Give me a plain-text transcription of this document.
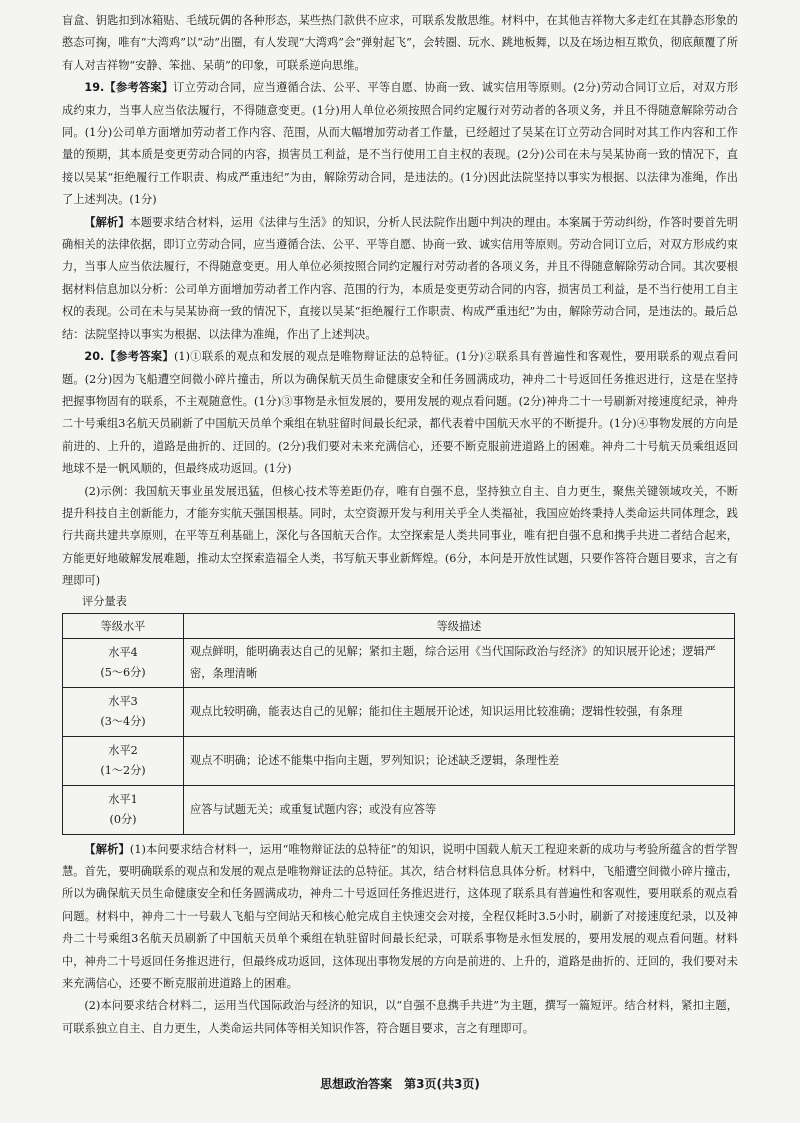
盲盒、钥匙扣到冰箱贴、毛绒玩偶的各种形态，某些热门款供不应求，可联系发散思维。材料中，在其他吉祥物大多走红在其静态形象的憨态可掬，唯有“大湾鸡”以“动”出圈，有人发现“大湾鸡”会“弹射起飞”，会转圈、玩水、跳地板舞，以及在场边相互欺负，彻底颠覆了所有人对吉祥物“安静、笨拙、呆萌”的印象，可联系逆向思维。

19.【参考答案】订立劳动合同，应当遵循合法、公平、平等自愿、协商一致、诚实信用等原则。(2分)劳动合同订立后，对双方形成约束力，当事人应当依法履行，不得随意变更。(1分)用人单位必须按照合同约定履行对劳动者的各项义务，并且不得随意解除劳动合同。(1分)公司单方面增加劳动者工作内容、范围，从而大幅增加劳动者工作量，已经超过了吴某在订立劳动合同时对其工作内容和工作量的预期，其本质是变更劳动合同的内容，损害员工利益，是不当行使用工自主权的表现。(2分)公司在未与吴某协商一致的情况下，直接以吴某“拒绝履行工作职责、构成严重违纪”为由，解除劳动合同，是违法的。(1分)因此法院坚持以事实为根据、以法律为准绳，作出了上述判决。(1分)

【解析】本题要求结合材料，运用《法律与生活》的知识，分析人民法院作出题中判决的理由。本案属于劳动纠纷，作答时要首先明确相关的法律依据，即订立劳动合同，应当遵循合法、公平、平等自愿、协商一致、诚实信用等原则。劳动合同订立后，对双方形成约束力，当事人应当依法履行，不得随意变更。用人单位必须按照合同约定履行对劳动者的各项义务，并且不得随意解除劳动合同。其次要根据材料信息加以分析：公司单方面增加劳动者工作内容、范围的行为，本质是变更劳动合同的内容，损害员工利益，是不当行使用工自主权的表现。公司在未与吴某协商一致的情况下，直接以吴某“拒绝履行工作职责、构成严重违纪”为由，解除劳动合同，是违法的。最后总结：法院坚持以事实为根据、以法律为准绳，作出了上述判决。

20.【参考答案】(1)①联系的观点和发展的观点是唯物辩证法的总特征。(1分)②联系具有普遍性和客观性，要用联系的观点看问题。(2分)因为飞船遭空间微小碎片撞击，所以为确保航天员生命健康安全和任务圆满成功，神舟二十号返回任务推迟进行，这是在坚持把握事物固有的联系，不主观随意性。(1分)③事物是永恒发展的，要用发展的观点看问题。(2分)神舟二十一号刷新对接速度纪录，神舟二十号乘组3名航天员刷新了中国航天员单个乘组在轨驻留时间最长纪录，都代表着中国航天水平的不断提升。(1分)④事物发展的方向是前进的、上升的，道路是曲折的、迂回的。(2分)我们要对未来充满信心，还要不断克服前进道路上的困难。神舟二十号航天员乘组返回地球不是一帆风顺的，但最终成功返回。(1分)

(2)示例：我国航天事业虽发展迅猛，但核心技术等差距仍存，唯有自强不息，坚持独立自主、自力更生，聚焦关键领域攻关，不断提升科技自主创新能力，才能夯实航天强国根基。同时，太空资源开发与利用关乎全人类福祉，我国应始终秉持人类命运共同体理念，践行共商共建共享原则，在平等互利基础上，深化与各国航天合作。太空探索是人类共同事业，唯有把自强不息和携手共进二者结合起来，方能更好地破解发展难题，推动太空探索造福全人类，书写航天事业新辉煌。(6分，本问是开放性试题，只要作答符合题目要求，言之有理即可)

评分量表

等级水平	等级描述

水平4
(5～6分)	观点鲜明，能明确表达自己的见解；紧扣主题，综合运用《当代国际政治与经济》的知识展开论述；逻辑严密，条理清晰

水平3
(3～4分)	观点比较明确，能表达自己的见解；能扣住主题展开论述，知识运用比较准确；逻辑性较强，有条理

水平2
(1～2分)	观点不明确；论述不能集中指向主题，罗列知识；论述缺乏逻辑，条理性差

水平1
(0分)	应答与试题无关；或重复试题内容；或没有应答等

【解析】(1)本问要求结合材料一，运用“唯物辩证法的总特征”的知识，说明中国载人航天工程迎来新的成功与考验所蕴含的哲学智慧。首先，要明确联系的观点和发展的观点是唯物辩证法的总特征。其次，结合材料信息具体分析。材料中，飞船遭空间微小碎片撞击，所以为确保航天员生命健康安全和任务圆满成功，神舟二十号返回任务推迟进行，这体现了联系具有普遍性和客观性，要用联系的观点看问题。材料中，神舟二十一号载人飞船与空间站天和核心舱完成自主快速交会对接，全程仅耗时3.5小时，刷新了对接速度纪录，以及神舟二十号乘组3名航天员刷新了中国航天员单个乘组在轨驻留时间最长纪录，可联系事物是永恒发展的，要用发展的观点看问题。材料中，神舟二十号返回任务推迟进行，但最终成功返回，这体现出事物发展的方向是前进的、上升的，道路是曲折的、迂回的，我们要对未来充满信心，还要不断克服前进道路上的困难。

(2)本问要求结合材料二，运用当代国际政治与经济的知识，以“自强不息携手共进”为主题，撰写一篇短评。结合材料，紧扣主题，可联系独立自主、自力更生，人类命运共同体等相关知识作答，符合题目要求，言之有理即可。

思想政治答案　第3页(共3页)
